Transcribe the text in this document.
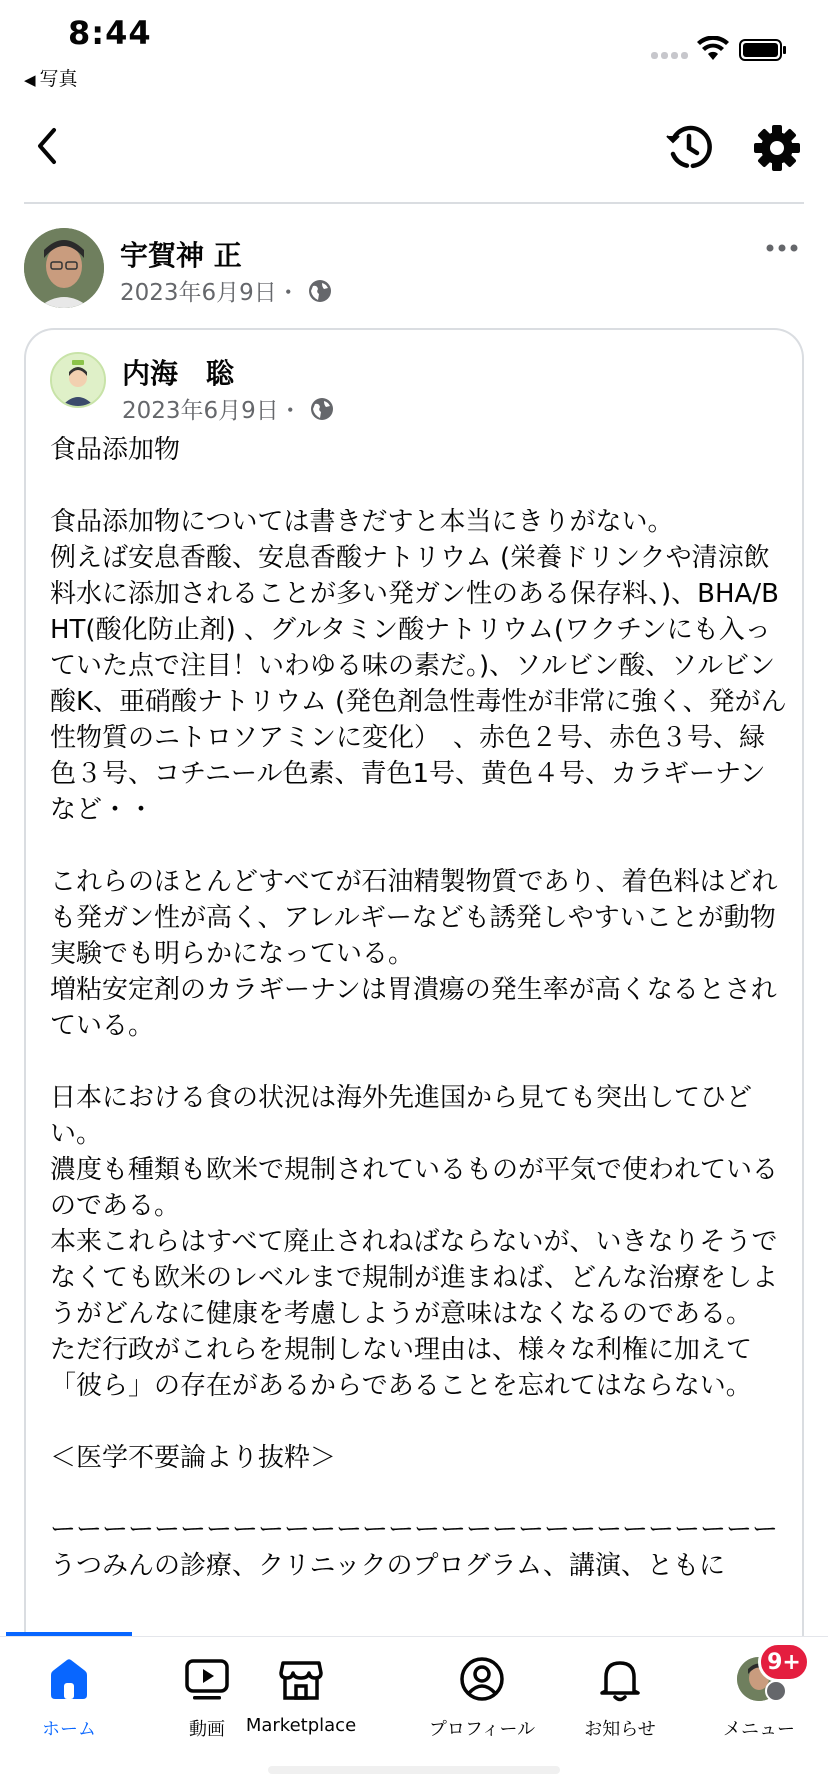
8:44
◀ 写真
宇賀神 正
2023年6月9日・
内海　聡
2023年6月9日・
食品添加物

食品添加物については書きだすと本当にきりがない。
例えば安息香酸、安息香酸ナトリウム (栄養ドリンクや清涼飲料水に添加されることが多い発ガン性のある保存料、)、BHA/BHT(酸化防止剤) 、グルタミン酸ナトリウム(ワクチンにも入っていた点で注目！いわゆる味の素だ。)、ソルビン酸、ソルビン酸K、亜硝酸ナトリウム (発色剤急性毒性が非常に強く、発がん性物質のニトロソアミンに変化）　、赤色２号、赤色３号、緑色３号、コチニール色素、青色1号、黄色４号、カラギーナンなど・・

これらのほとんどすべてが石油精製物質であり、着色料はどれも発ガン性が高く、アレルギーなども誘発しやすいことが動物実験でも明らかになっている。
増粘安定剤のカラギーナンは胃潰瘍の発生率が高くなるとされている。

日本における食の状況は海外先進国から見ても突出してひどい。
濃度も種類も欧米で規制されているものが平気で使われているのである。
本来これらはすべて廃止されねばならないが、いきなりそうでなくても欧米のレベルまで規制が進まねば、どんな治療をしようがどんなに健康を考慮しようが意味はなくなるのである。
ただ行政がこれらを規制しない理由は、様々な利権に加えて「彼ら」の存在があるからであることを忘れてはならない。

＜医学不要論より抜粋＞

ーーーーーーーーーーーーーーーーーーーーーーーーーーーー
うつみんの診療、クリニックのプログラム、講演、ともに
ホーム	動画 Marketplace	プロフィール	お知らせ	メニュー
9+
